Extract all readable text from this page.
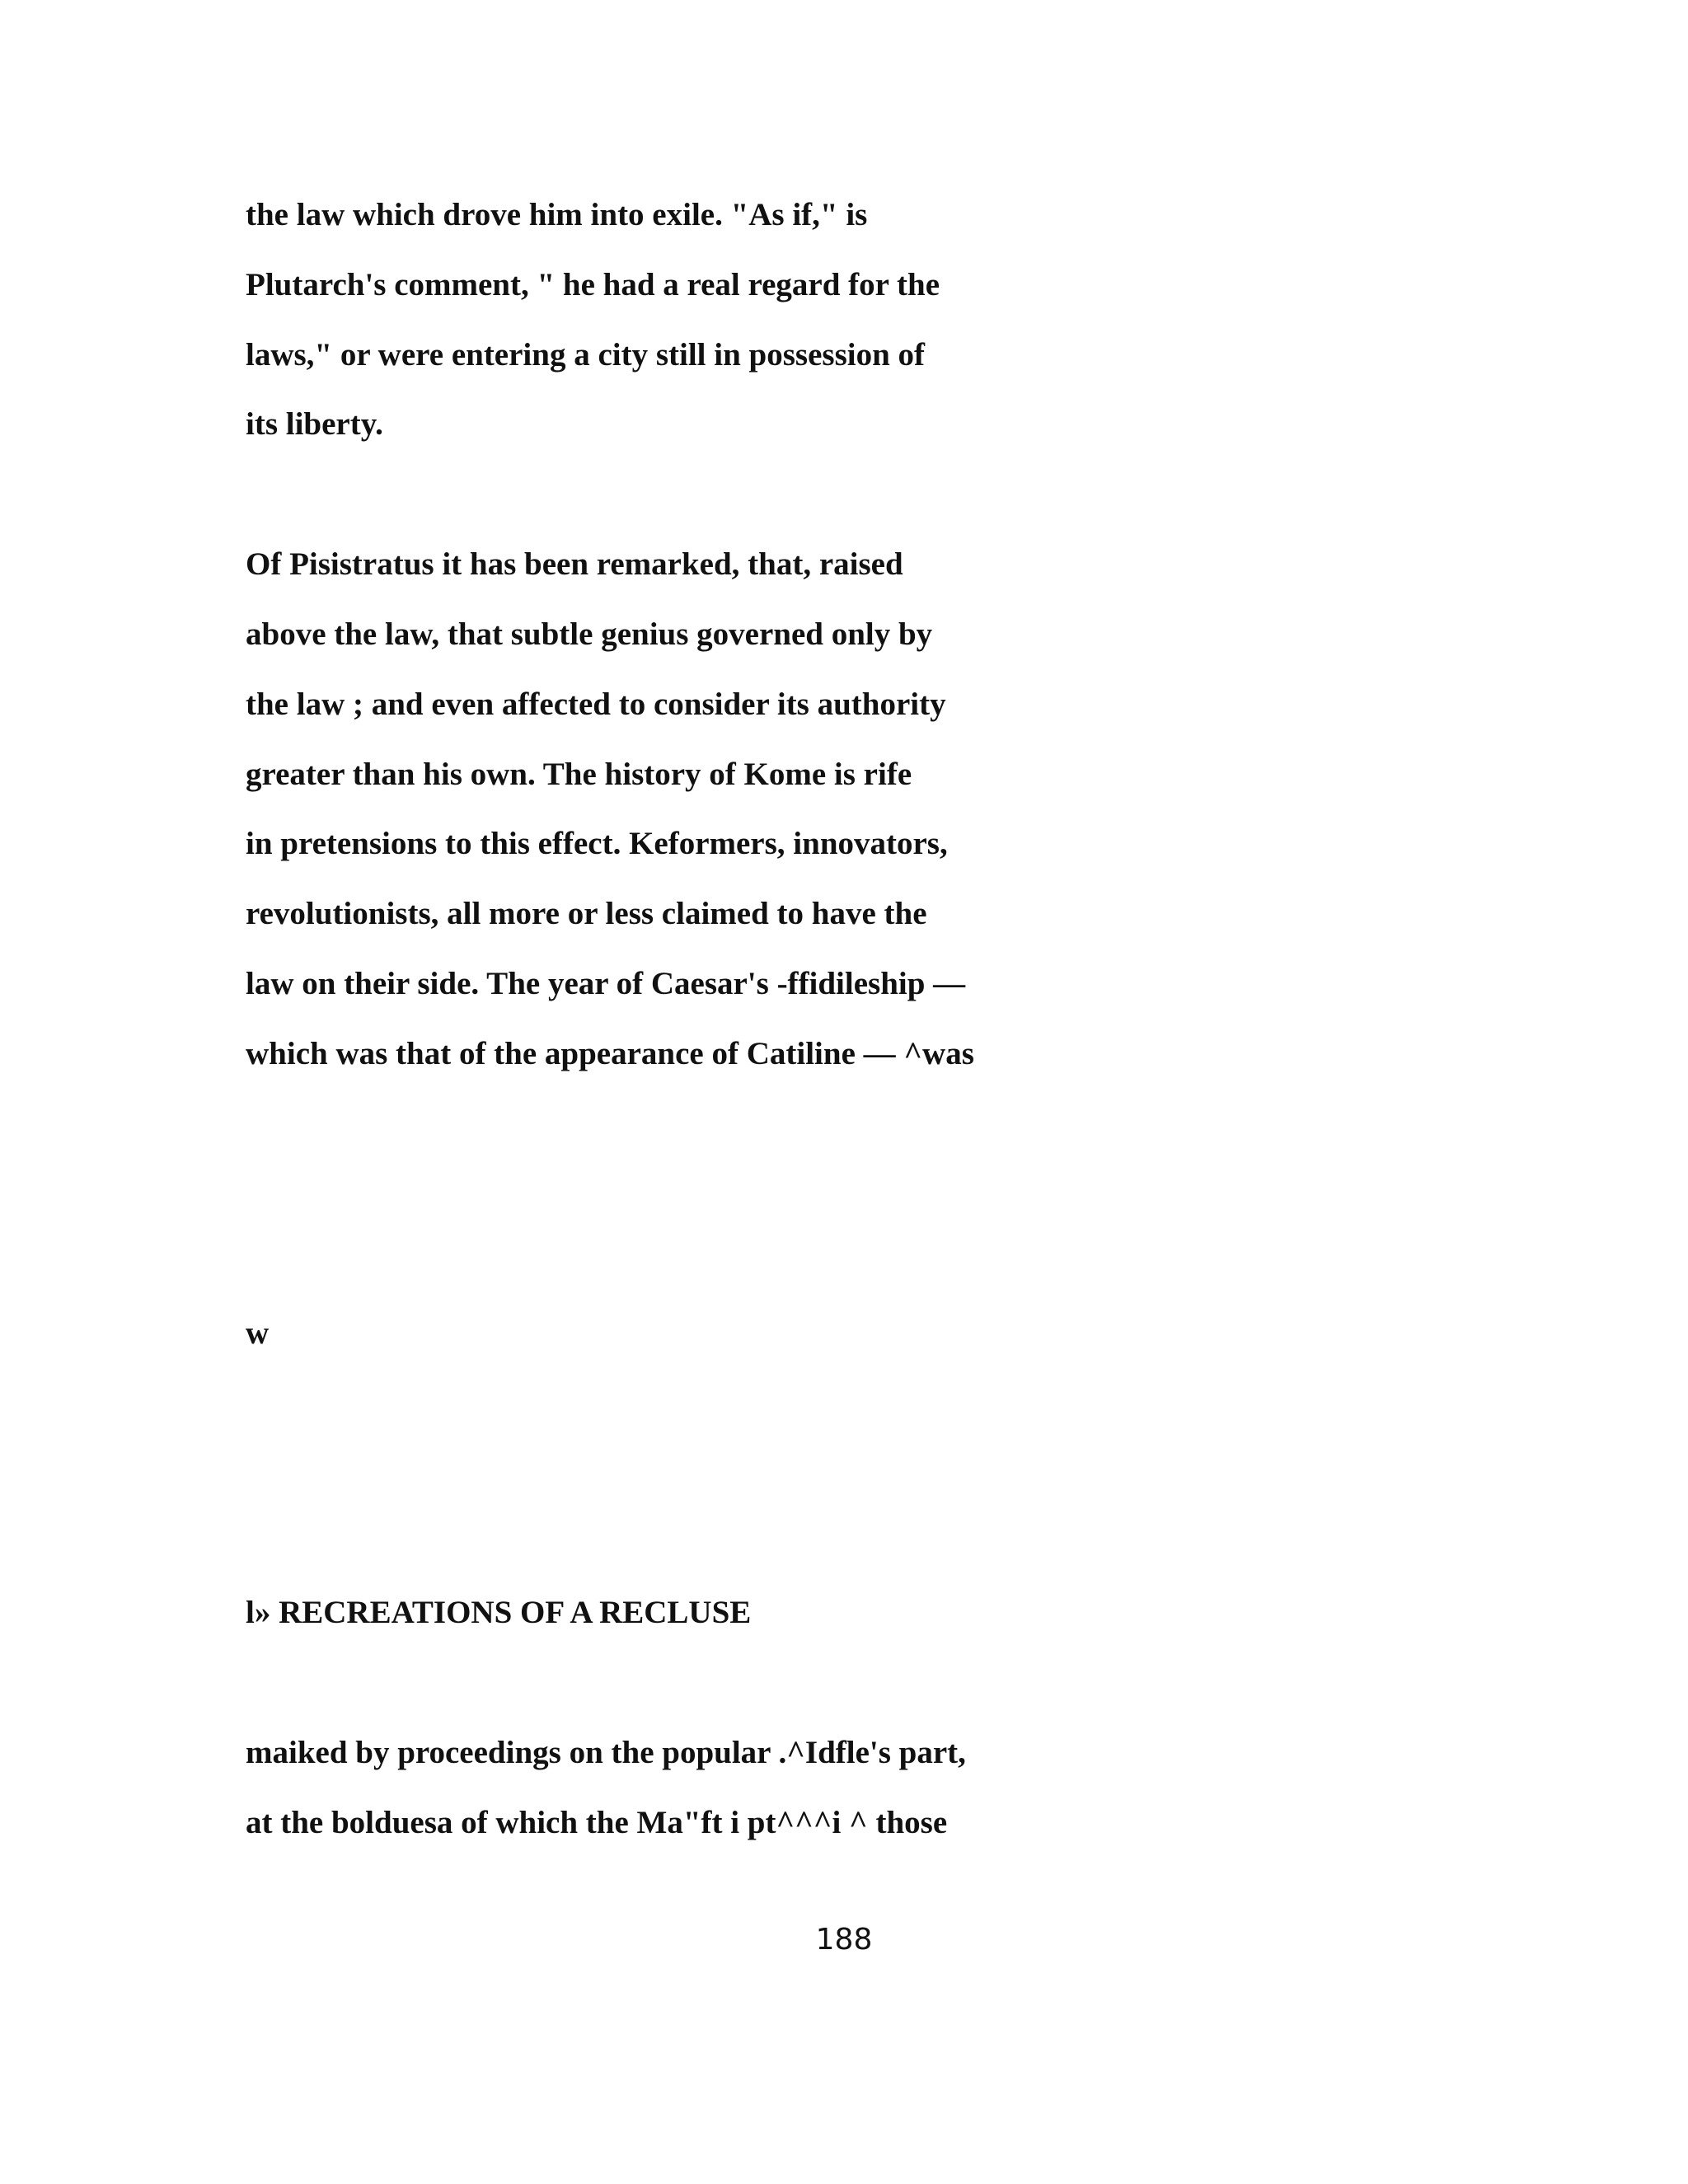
the law which drove him into exile. "As if," is

Plutarch's comment, " he had a real regard for the

laws," or were entering a city still in possession of

its liberty.

Of Pisistratus it has been remarked, that, raised

above the law, that subtle genius governed only by

the law ; and even affected to consider its authority

greater than his own. The history of Kome is rife

in pretensions to this effect. Keformers, innovators,

revolutionists, all more or less claimed to have the

law on their side. The year of Caesar's -ffidileship —

which was that of the appearance of Catiline — ^was

w

l» RECREATIONS OF A RECLUSE

maiked by proceedings on the popular .^Idfle's part,

at the bolduesa of which the Ma"ft i pt^^^i ^ those

188
